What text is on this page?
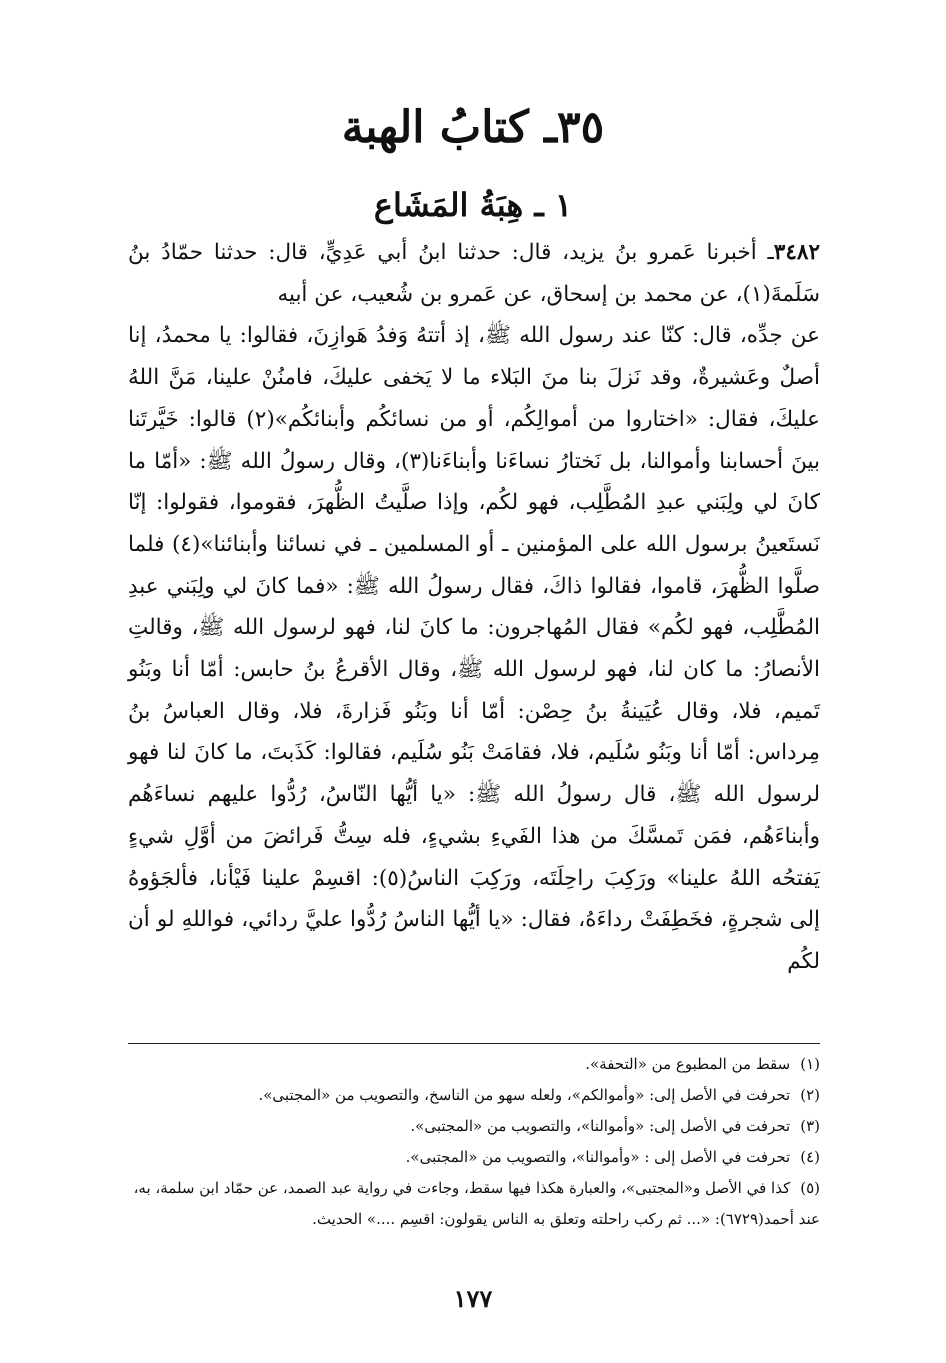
٣٥ـ كتابُ الهبة
١ ـ هِبَةُ المَشَاع

٣٤٨٢ـ أخبرنا عَمرو بنُ يزيد، قال: حدثنا ابنُ أبي عَدِيٍّ، قال: حدثنا حمّادُ بنُ سَلَمةَ(١)، عن محمد بن إسحاق، عن عَمرو بن شُعيب، عن أبيه

عن جدِّه، قال: كنّا عند رسول الله ﷺ، إذ أتتهُ وَفدُ هَوازِنَ، فقالوا: يا محمدُ، إنا أصلٌ وعَشيرةٌ، وقد نَزلَ بنا منَ البَلاء ما لا يَخفى عليكَ، فامنُنْ علينا، مَنَّ اللهُ عليكَ، فقال: «اختاروا من أموالِكُم، أو من نسائكُم وأبنائكُم»(٢) قالوا: خَيَّرتَنا بينَ أحسابنا وأموالنا، بل نَختارُ نساءَنا وأبناءَنا(٣)، وقال رسولُ الله ﷺ: «أمّا ما كانَ لي ولِبَني عبدِ المُطَّلِب، فهو لكُم، وإذا صلَّيتُ الظُّهرَ، فقوموا، فقولوا: إنّا نَستَعينُ برسول الله على المؤمنين ـ أو المسلمين ـ في نسائنا وأبنائنا»(٤) فلما صلَّوا الظُّهرَ، قاموا، فقالوا ذاكَ، فقال رسولُ الله ﷺ: «فما كانَ لي ولِبَني عبدِ المُطَّلِب، فهو لكُم» فقال المُهاجرون: ما كانَ لنا، فهو لرسول الله ﷺ، وقالتِ الأنصارُ: ما كان لنا، فهو لرسول الله ﷺ، وقال الأقرعُ بنُ حابس: أمّا أنا وبَنُو تَميم، فلا، وقال عُيَينةُ بنُ حِصْن: أمّا أنا وبَنُو فَزارةَ، فلا، وقال العباسُ بنُ مِرداس: أمّا أنا وبَنُو سُلَيم، فلا، فقامَتْ بَنُو سُلَيم، فقالوا: كَذَبتَ، ما كانَ لنا فهو لرسول الله ﷺ، قال رسولُ الله ﷺ: «يا أيُّها النّاسُ، رُدُّوا عليهم نساءَهُم وأبناءَهُم، فمَن تَمسَّكَ من هذا الفَيءِ بشيءٍ، فله سِتُّ فَرائضَ من أوَّلِ شيءٍ يَفتحُه اللهُ علينا» ورَكِبَ راحِلَتَه، ورَكِبَ الناسُ(٥): اقسِمْ علينا فَيْأنا، فألجَؤوهُ إلى شجرةٍ، فخَطِفَتْ رداءَهُ، فقال: «يا أيُّها الناسُ رُدُّوا عليَّ ردائي، فواللهِ لو أن لكُم

(١)سقط من المطبوع من «التحفة».

(٢)تحرفت في الأصل إلى: «وأموالكم»، ولعله سهو من الناسخ، والتصويب من «المجتبى».

(٣)تحرفت في الأصل إلى: «وأموالنا»، والتصويب من «المجتبى».

(٤)تحرفت في الأصل إلى : «وأموالنا»، والتصويب من «المجتبى».

(٥)كذا في الأصل و«المجتبى»، والعبارة هكذا فيها سقط، وجاءت في رواية عبد الصمد، عن حمّاد ابن سلمة، به، عند أحمد(٦٧٢٩): «... ثم ركب راحلته وتعلق به الناس يقولون: اقسِم ....» الحديث.

١٧٧
